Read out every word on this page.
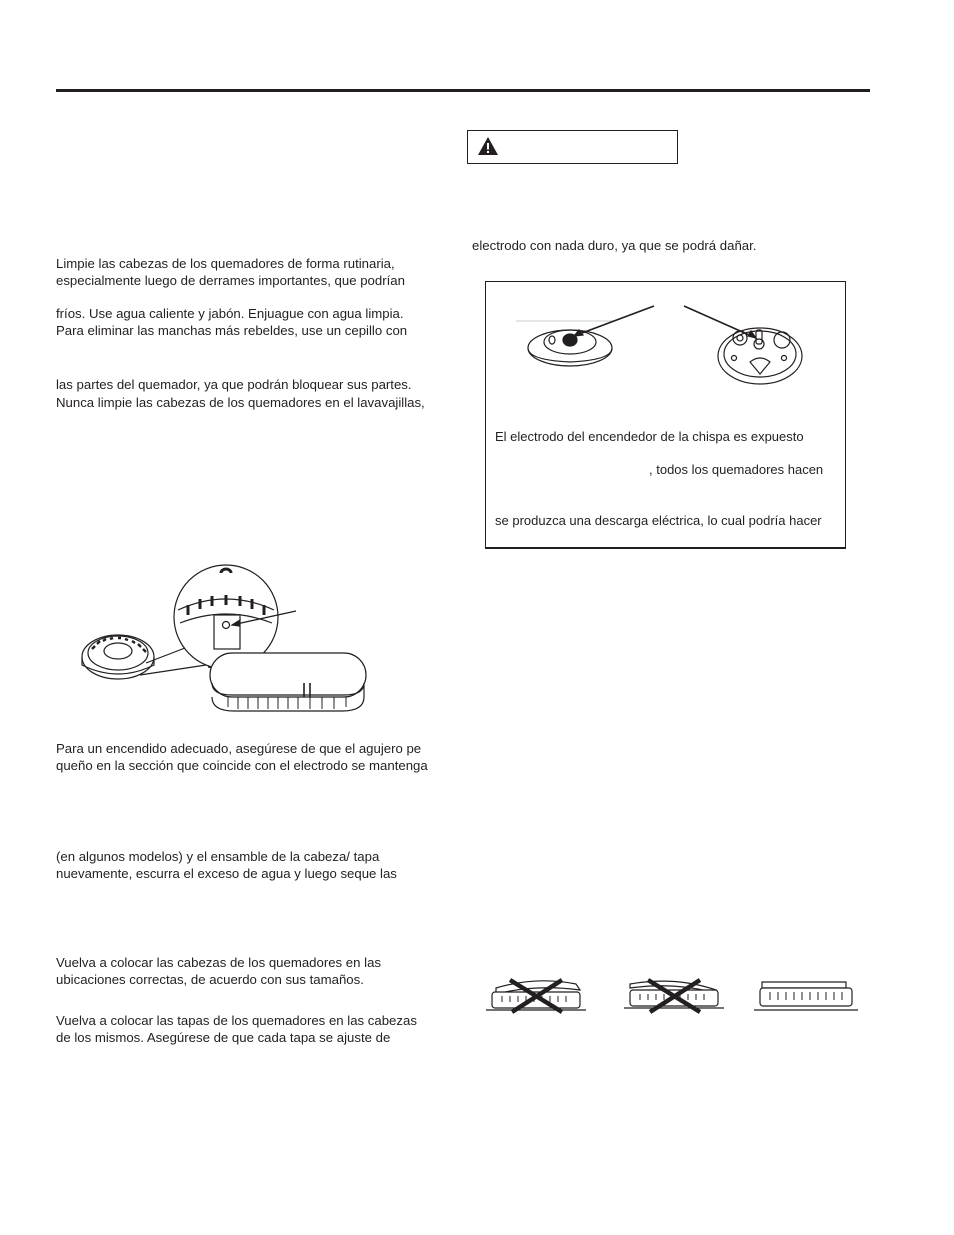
Limpie las cabezas de los quemadores de forma rutinaria,

especialmente luego de derrames importantes, que podrían

fríos. Use agua caliente y jabón. Enjuague con agua limpia.

Para eliminar las manchas más rebeldes, use un cepillo con

las partes del quemador, ya que podrán bloquear sus partes.

Nunca limpie las cabezas de los quemadores en el lavavajillas,

Para un encendido adecuado, asegúrese de que el agujero pe

queño en la sección que coincide con el electrodo se mantenga

(en algunos modelos) y el ensamble de la cabeza/ tapa

nuevamente, escurra el exceso de agua y luego seque las

Vuelva a colocar las cabezas de los quemadores en las

ubicaciones correctas, de acuerdo con sus tamaños.

Vuelva a colocar las tapas de los quemadores en las cabezas

de los mismos. Asegúrese de que cada tapa se ajuste de

electrodo con nada duro, ya que se podrá dañar.

El electrodo del encendedor de la chispa es expuesto

, todos los quemadores hacen

se produzca una descarga eléctrica, lo cual podría hacer
